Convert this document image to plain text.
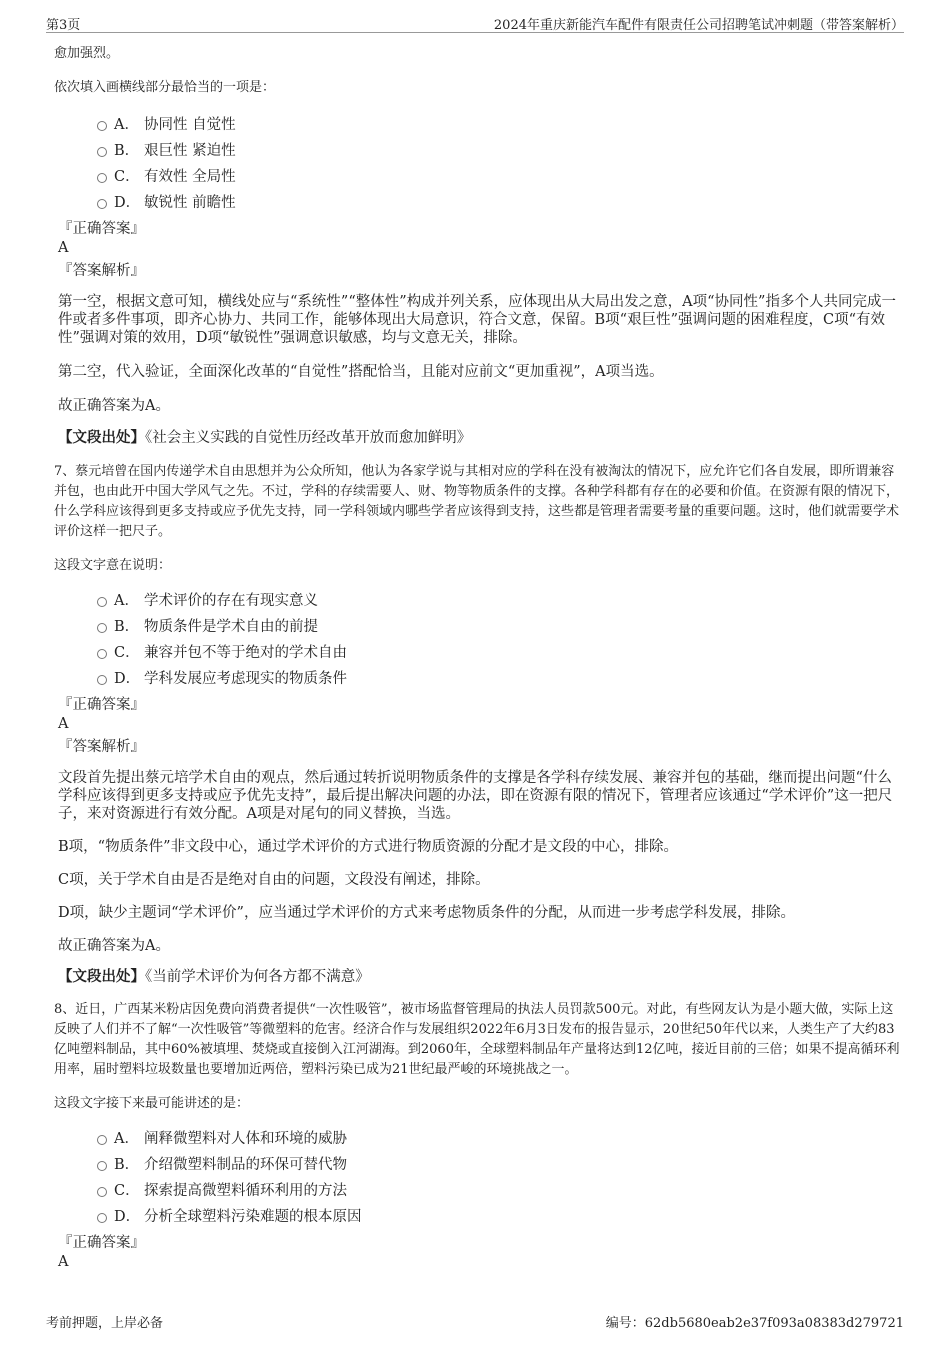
第3页	2024年重庆新能汽车配件有限责任公司招聘笔试冲刺题（带答案解析）

愈加强烈。

依次填入画横线部分最恰当的一项是：

A． 协同性 自觉性
B． 艰巨性 紧迫性
C． 有效性 全局性
D． 敏锐性 前瞻性

『正确答案』

A

『答案解析』

第一空，根据文意可知，横线处应与“系统性”“整体性”构成并列关系，应体现出从大局出发之意，A项“协同性”指多个人共同完成一件或者多件事项，即齐心协力、共同工作，能够体现出大局意识，符合文意，保留。B项“艰巨性”强调问题的困难程度，C项“有效性”强调对策的效用，D项“敏锐性”强调意识敏感，均与文意无关，排除。

第二空，代入验证，全面深化改革的“自觉性”搭配恰当，且能对应前文“更加重视”，A项当选。

故正确答案为A。

【文段出处】《社会主义实践的自觉性历经改革开放而愈加鲜明》

7、蔡元培曾在国内传递学术自由思想并为公众所知，他认为各家学说与其相对应的学科在没有被淘汰的情况下，应允许它们各自发展，即所谓兼容并包，也由此开中国大学风气之先。不过，学科的存续需要人、财、物等物质条件的支撑。各种学科都有存在的必要和价值。在资源有限的情况下，什么学科应该得到更多支持或应予优先支持，同一学科领域内哪些学者应该得到支持，这些都是管理者需要考量的重要问题。这时，他们就需要学术评价这样一把尺子。

这段文字意在说明：

A． 学术评价的存在有现实意义
B． 物质条件是学术自由的前提
C． 兼容并包不等于绝对的学术自由
D． 学科发展应考虑现实的物质条件

『正确答案』

A

『答案解析』

文段首先提出蔡元培学术自由的观点，然后通过转折说明物质条件的支撑是各学科存续发展、兼容并包的基础，继而提出问题“什么学科应该得到更多支持或应予优先支持”，最后提出解决问题的办法，即在资源有限的情况下，管理者应该通过“学术评价”这一把尺子，来对资源进行有效分配。A项是对尾句的同义替换，当选。

B项，“物质条件”非文段中心，通过学术评价的方式进行物质资源的分配才是文段的中心，排除。

C项，关于学术自由是否是绝对自由的问题，文段没有阐述，排除。

D项，缺少主题词“学术评价”，应当通过学术评价的方式来考虑物质条件的分配，从而进一步考虑学科发展，排除。

故正确答案为A。

【文段出处】《当前学术评价为何各方都不满意》

8、近日，广西某米粉店因免费向消费者提供“一次性吸管”，被市场监督管理局的执法人员罚款500元。对此，有些网友认为是小题大做，实际上这反映了人们并不了解“一次性吸管”等微塑料的危害。经济合作与发展组织2022年6月3日发布的报告显示，20世纪50年代以来，人类生产了大约83亿吨塑料制品，其中60%被填埋、焚烧或直接倒入江河湖海。到2060年，全球塑料制品年产量将达到12亿吨，接近目前的三倍；如果不提高循环利用率，届时塑料垃圾数量也要增加近两倍，塑料污染已成为21世纪最严峻的环境挑战之一。

这段文字接下来最可能讲述的是：

A． 阐释微塑料对人体和环境的威胁
B． 介绍微塑料制品的环保可替代物
C． 探索提高微塑料循环利用的方法
D． 分析全球塑料污染难题的根本原因

『正确答案』

A

考前押题，上岸必备	编号：62db5680eab2e37f093a08383d279721
